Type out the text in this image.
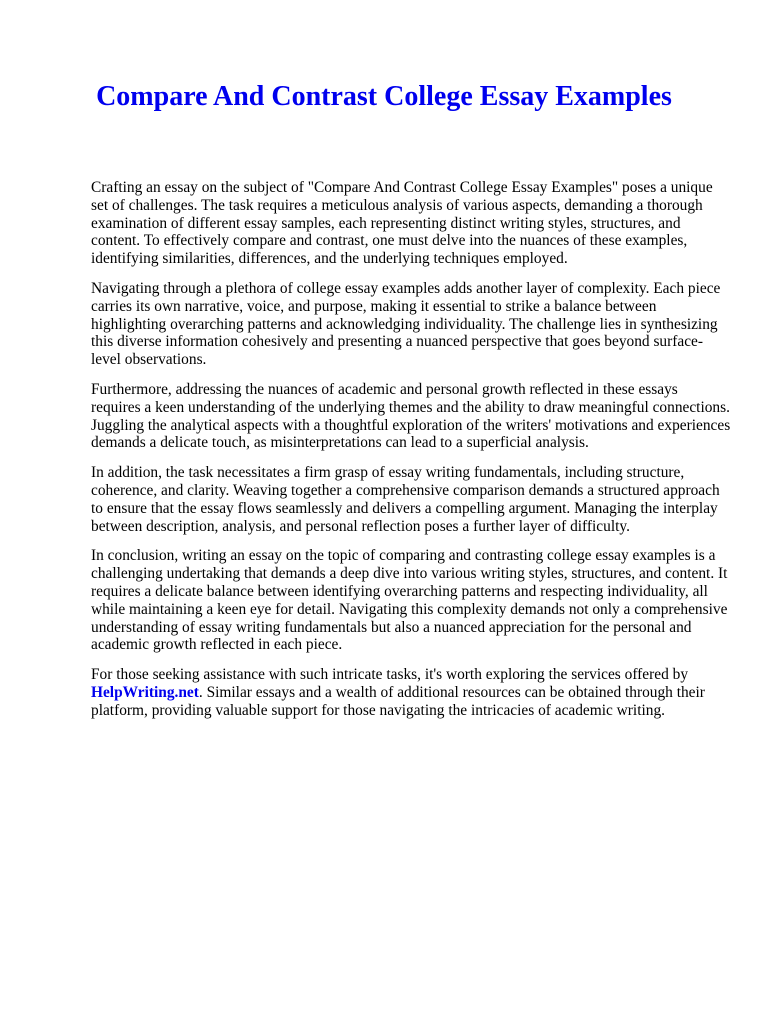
Compare And Contrast College Essay Examples

Crafting an essay on the subject of "Compare And Contrast College Essay Examples" poses a unique set of challenges. The task requires a meticulous analysis of various aspects, demanding a thorough examination of different essay samples, each representing distinct writing styles, structures, and content. To effectively compare and contrast, one must delve into the nuances of these examples, identifying similarities, differences, and the underlying techniques employed.

Navigating through a plethora of college essay examples adds another layer of complexity. Each piece carries its own narrative, voice, and purpose, making it essential to strike a balance between highlighting overarching patterns and acknowledging individuality. The challenge lies in synthesizing this diverse information cohesively and presenting a nuanced perspective that goes beyond surface-level observations.

Furthermore, addressing the nuances of academic and personal growth reflected in these essays requires a keen understanding of the underlying themes and the ability to draw meaningful connections. Juggling the analytical aspects with a thoughtful exploration of the writers' motivations and experiences demands a delicate touch, as misinterpretations can lead to a superficial analysis.

In addition, the task necessitates a firm grasp of essay writing fundamentals, including structure, coherence, and clarity. Weaving together a comprehensive comparison demands a structured approach to ensure that the essay flows seamlessly and delivers a compelling argument. Managing the interplay between description, analysis, and personal reflection poses a further layer of difficulty.

In conclusion, writing an essay on the topic of comparing and contrasting college essay examples is a challenging undertaking that demands a deep dive into various writing styles, structures, and content. It requires a delicate balance between identifying overarching patterns and respecting individuality, all while maintaining a keen eye for detail. Navigating this complexity demands not only a comprehensive understanding of essay writing fundamentals but also a nuanced appreciation for the personal and academic growth reflected in each piece.

For those seeking assistance with such intricate tasks, it's worth exploring the services offered by HelpWriting.net. Similar essays and a wealth of additional resources can be obtained through their platform, providing valuable support for those navigating the intricacies of academic writing.
